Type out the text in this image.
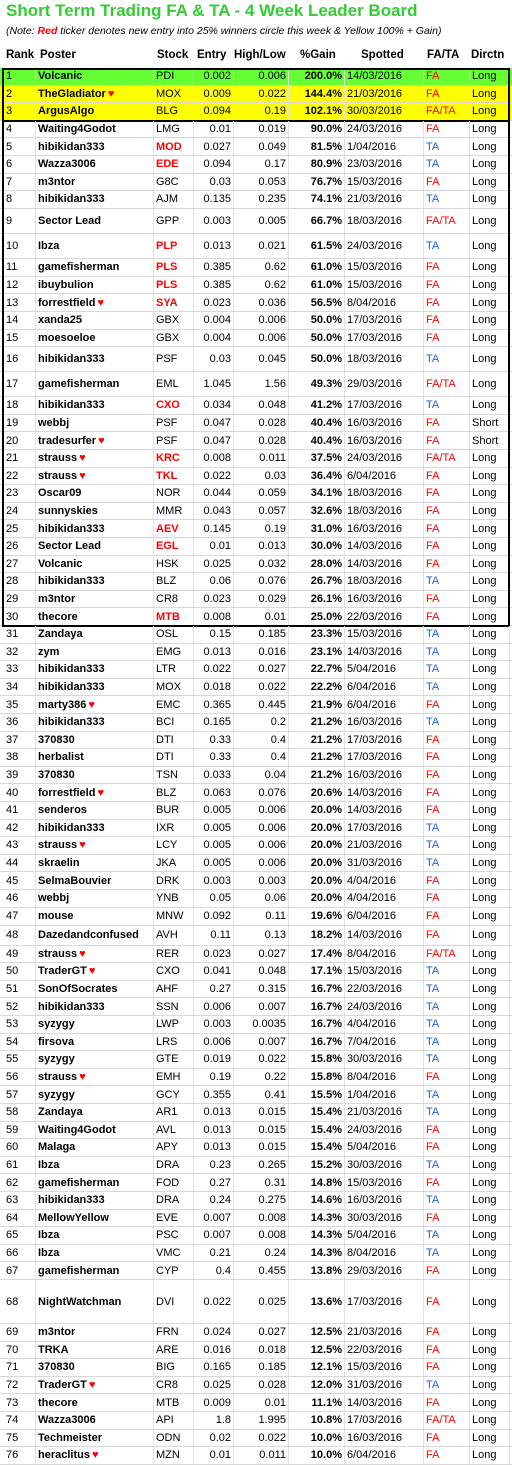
Short Term Trading FA & TA - 4 Week Leader Board
(Note: Red ticker denotes new entry into 25% winners circle this week & Yellow 100% + Gain)
Rank Poster	Stock Entry High/Low %Gain Spotted FA/TA Dirctn
1	Volcanic	PDI	0.002	0.006	200.0% 14/03/2016	FA	Long
2	TheGladiator ♥	MOX	0.009	0.022	144.4% 21/03/2016	FA	Long
3	ArgusAlgo	BLG	0.094	0.19	102.1% 30/03/2016	FA/TA	Long
4	Waiting4Godot	LMG	0.01	0.019	90.0% 24/03/2016	FA	Long
5	hibikidan333	MOD	0.027	0.049	81.5% 1/04/2016	TA	Long
6	Wazza3006	EDE	0.094	0.17	80.9% 23/03/2016	TA	Long
7	m3ntor	G8C	0.03	0.053	76.7% 15/03/2016	FA	Long
8	hibikidan333	AJM	0.135	0.235	74.1% 21/03/2016	TA	Long
9	Sector Lead	GPP	0.003	0.005	66.7% 18/03/2016	FA/TA	Long
10	Ibza	PLP	0.013	0.021	61.5% 24/03/2016	TA	Long
11	gamefisherman	PLS	0.385	0.62	61.0% 15/03/2016	FA	Long
12	ibuybulion	PLS	0.385	0.62	61.0% 15/03/2016	FA	Long
13	forrestfield ♥	SYA	0.023	0.036	56.5% 8/04/2016	FA	Long
14	xanda25	GBX	0.004	0.006	50.0% 17/03/2016	FA	Long
15	moesoeloe	GBX	0.004	0.006	50.0% 17/03/2016	FA	Long
16	hibikidan333	PSF	0.03	0.045	50.0% 18/03/2016	TA	Long
17	gamefisherman	EML	1.045	1.56	49.3% 29/03/2016	FA/TA	Long
18	hibikidan333	CXO	0.034	0.048	41.2% 17/03/2016	TA	Long
19	webbj	PSF	0.047	0.028	40.4% 16/03/2016	FA	Short
20	tradesurfer ♥	PSF	0.047	0.028	40.4% 16/03/2016	FA	Short
21	strauss ♥	KRC	0.008	0.011	37.5% 24/03/2016	FA/TA	Long
22	strauss ♥	TKL	0.022	0.03	36.4% 6/04/2016	FA	Long
23	Oscar09	NOR	0.044	0.059	34.1% 18/03/2016	FA	Long
24	sunnyskies	MMR	0.043	0.057	32.6% 18/03/2016	FA	Long
25	hibikidan333	AEV	0.145	0.19	31.0% 16/03/2016	FA	Long
26	Sector Lead	EGL	0.01	0.013	30.0% 14/03/2016	FA	Long
27	Volcanic	HSK	0.025	0.032	28.0% 14/03/2016	FA	Long
28	hibikidan333	BLZ	0.06	0.076	26.7% 18/03/2016	TA	Long
29	m3ntor	CR8	0.023	0.029	26.1% 16/03/2016	FA	Long
30	thecore	MTB	0.008	0.01	25.0% 22/03/2016	FA	Long
31	Zandaya	OSL	0.15	0.185	23.3% 15/03/2016	TA	Long
32	zym	EMG	0.013	0.016	23.1% 14/03/2016	TA	Long
33	hibikidan333	LTR	0.022	0.027	22.7% 5/04/2016	TA	Long
34	hibikidan333	MOX	0.018	0.022	22.2% 6/04/2016	TA	Long
35	marty386 ♥	EMC	0.365	0.445	21.9% 6/04/2016	FA	Long
36	hibikidan333	BCI	0.165	0.2	21.2% 16/03/2016	TA	Long
37	370830	DTI	0.33	0.4	21.2% 17/03/2016	FA	Long
38	herbalist	DTI	0.33	0.4	21.2% 17/03/2016	FA	Long
39	370830	TSN	0.033	0.04	21.2% 16/03/2016	FA	Long
40	forrestfield ♥	BLZ	0.063	0.076	20.6% 14/03/2016	FA	Long
41	senderos	BUR	0.005	0.006	20.0% 14/03/2016	FA	Long
42	hibikidan333	IXR	0.005	0.006	20.0% 17/03/2016	TA	Long
43	strauss ♥	LCY	0.005	0.006	20.0% 21/03/2016	TA	Long
44	skraelin	JKA	0.005	0.006	20.0% 31/03/2016	TA	Long
45	SelmaBouvier	DRK	0.003	0.003	20.0% 4/04/2016	FA	Long
46	webbj	YNB	0.05	0.06	20.0% 4/04/2016	FA	Long
47	mouse	MNW	0.092	0.11	19.6% 6/04/2016	FA	Long
48	Dazedandconfused AVH	0.11	0.13	18.2% 14/03/2016	FA	Long
49	strauss ♥	RER	0.023	0.027	17.4% 8/04/2016	FA/TA	Long
50	TraderGT ♥	CXO	0.041	0.048	17.1% 15/03/2016	TA	Long
51	SonOfSocrates	AHF	0.27	0.315	16.7% 22/03/2016	TA	Long
52	hibikidan333	SSN	0.006	0.007	16.7% 24/03/2016	TA	Long
53	syzygy	LWP	0.003	0.0035	16.7% 4/04/2016	TA	Long
54	firsova	LRS	0.006	0.007	16.7% 7/04/2016	TA	Long
55	syzygy	GTE	0.019	0.022	15.8% 30/03/2016	TA	Long
56	strauss ♥	EMH	0.19	0.22	15.8% 8/04/2016	FA	Long
57	syzygy	GCY	0.355	0.41	15.5% 1/04/2016	TA	Long
58	Zandaya	AR1	0.013	0.015	15.4% 21/03/2016	TA	Long
59	Waiting4Godot	AVL	0.013	0.015	15.4% 24/03/2016	FA	Long
60	Malaga	APY	0.013	0.015	15.4% 5/04/2016	FA	Long
61	Ibza	DRA	0.23	0.265	15.2% 30/03/2016	TA	Long
62	gamefisherman	FOD	0.27	0.31	14.8% 15/03/2016	FA	Long
63	hibikidan333	DRA	0.24	0.275	14.6% 16/03/2016	TA	Long
64	MellowYellow	EVE	0.007	0.008	14.3% 30/03/2016	FA	Long
65	Ibza	PSC	0.007	0.008	14.3% 5/04/2016	TA	Long
66	Ibza	VMC	0.21	0.24	14.3% 8/04/2016	TA	Long
67	gamefisherman	CYP	0.4	0.455	13.8% 29/03/2016	FA	Long
68	NightWatchman	DVI	0.022	0.025	13.6% 17/03/2016	FA	Long
69	m3ntor	FRN	0.024	0.027	12.5% 21/03/2016	FA	Long
70	TRKA	ARE	0.016	0.018	12.5% 22/03/2016	FA	Long
71	370830	BIG	0.165	0.185	12.1% 15/03/2016	FA	Long
72	TraderGT ♥	CR8	0.025	0.028	12.0% 31/03/2016	TA	Long
73	thecore	MTB	0.009	0.01	11.1% 14/03/2016	FA	Long
74	Wazza3006	API	1.8	1.995	10.8% 17/03/2016	FA/TA	Long
75	Techmeister	ODN	0.02	0.022	10.0% 16/03/2016	FA	Long
76	heraclitus ♥	MZN	0.01	0.011	10.0% 6/04/2016	FA	Long
